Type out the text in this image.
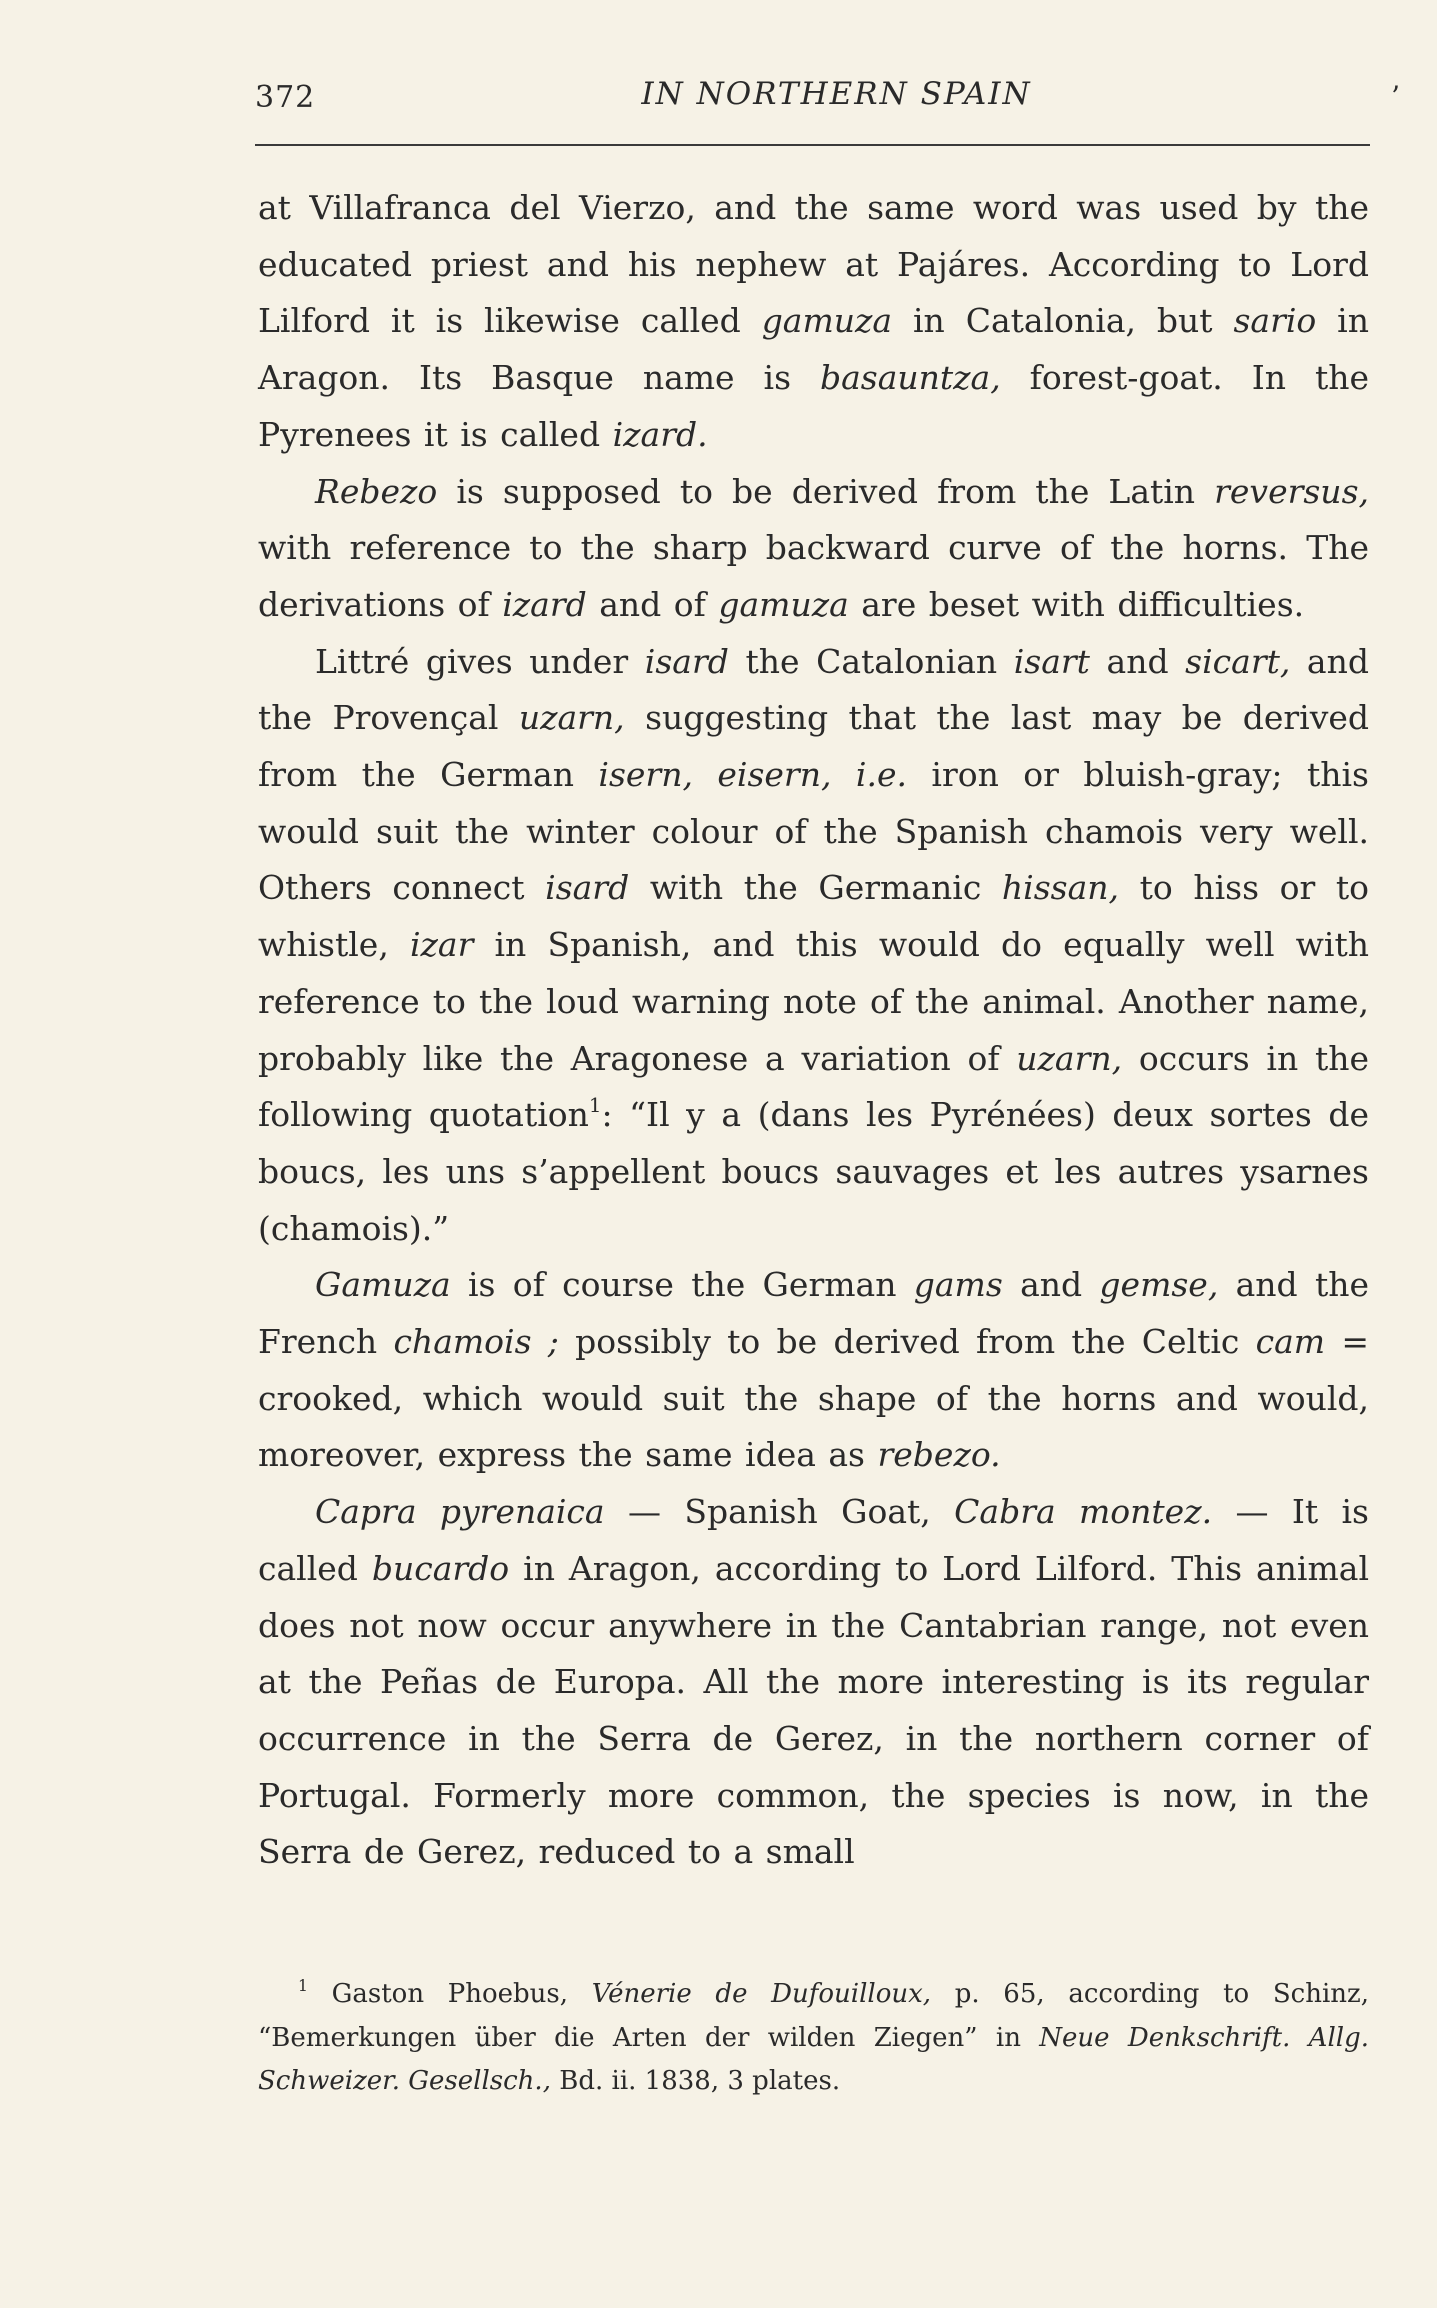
372	IN NORTHERN SPAIN	’

at Villafranca del Vierzo, and the same word was used by the educated priest and his nephew at Pajáres. According to Lord Lilford it is likewise called gamuza in Catalonia, but sario in Aragon. Its Basque name is basauntza, forest-goat. In the Pyrenees it is called izard.

Rebezo is supposed to be derived from the Latin reversus, with reference to the sharp backward curve of the horns. The derivations of izard and of gamuza are beset with difficulties.

Littré gives under isard the Catalonian isart and sicart, and the Provençal uzarn, suggesting that the last may be derived from the German isern, eisern, i.e. iron or bluish-gray; this would suit the winter colour of the Spanish chamois very well. Others connect isard with the Germanic hissan, to hiss or to whistle, izar in Spanish, and this would do equally well with reference to the loud warning note of the animal. Another name, probably like the Aragonese a variation of uzarn, occurs in the following quotation$^1$: “Il y a (dans les Pyrénées) deux sortes de boucs, les uns s’appellent boucs sauvages et les autres ysarnes (chamois).”

Gamuza is of course the German gams and gemse, and the French chamois ; possibly to be derived from the Celtic cam = crooked, which would suit the shape of the horns and would, moreover, express the same idea as rebezo.

Capra pyrenaica — Spanish Goat, Cabra montez. — It is called bucardo in Aragon, according to Lord Lilford. This animal does not now occur anywhere in the Cantabrian range, not even at the Peñas de Europa. All the more interesting is its regular occurrence in the Serra de Gerez, in the northern corner of Portugal. Formerly more common, the species is now, in the Serra de Gerez, reduced to a small

$^1$ Gaston Phoebus, Vénerie de Dufouilloux, p. 65, according to Schinz, “Bemerkungen über die Arten der wilden Ziegen” in Neue Denkschrift. Allg. Schweizer. Gesellsch., Bd. ii. 1838, 3 plates.
